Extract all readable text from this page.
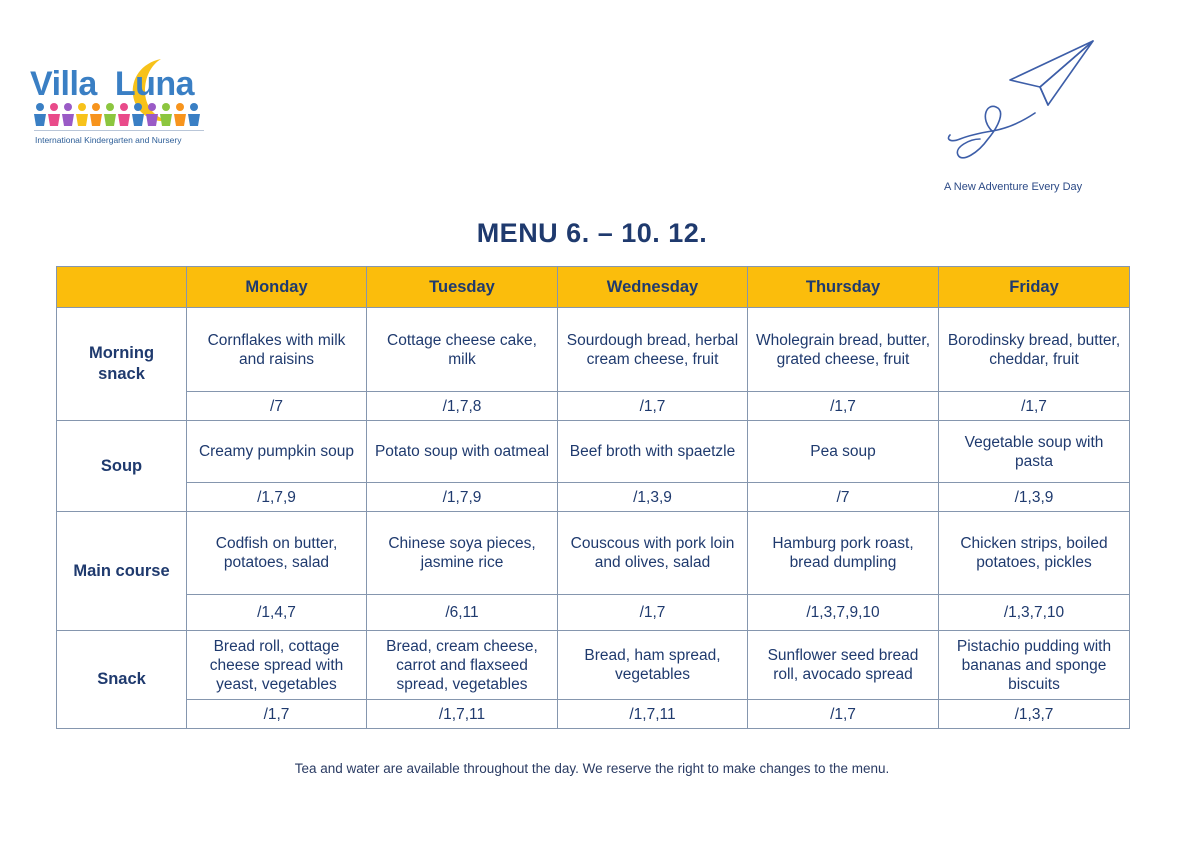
Villa Luna
International Kindergarten and Nursery
A New Adventure Every Day
MENU 6. – 10. 12.
	Monday	Tuesday	Wednesday	Thursday	Friday
Morning snack	Cornflakes with milk and raisins	Cottage cheese cake, milk	Sourdough bread, herbal cream cheese, fruit	Wholegrain bread, butter, grated cheese, fruit	Borodinsky bread, butter, cheddar, fruit
	/7	/1,7,8	/1,7	/1,7	/1,7
Soup	Creamy pumpkin soup	Potato soup with oatmeal	Beef broth with spaetzle	Pea soup	Vegetable soup with pasta
	/1,7,9	/1,7,9	/1,3,9	/7	/1,3,9
Main course	Codfish on butter, potatoes, salad	Chinese soya pieces, jasmine rice	Couscous with pork loin and olives, salad	Hamburg pork roast, bread dumpling	Chicken strips, boiled potatoes, pickles
	/1,4,7	/6,11	/1,7	/1,3,7,9,10	/1,3,7,10
Snack	Bread roll, cottage cheese spread with yeast, vegetables	Bread, cream cheese, carrot and flaxseed spread, vegetables	Bread, ham spread, vegetables	Sunflower seed bread roll, avocado spread	Pistachio pudding with bananas and sponge biscuits
	/1,7	/1,7,11	/1,7,11	/1,7	/1,3,7
Tea and water are available throughout the day. We reserve the right to make changes to the menu.
